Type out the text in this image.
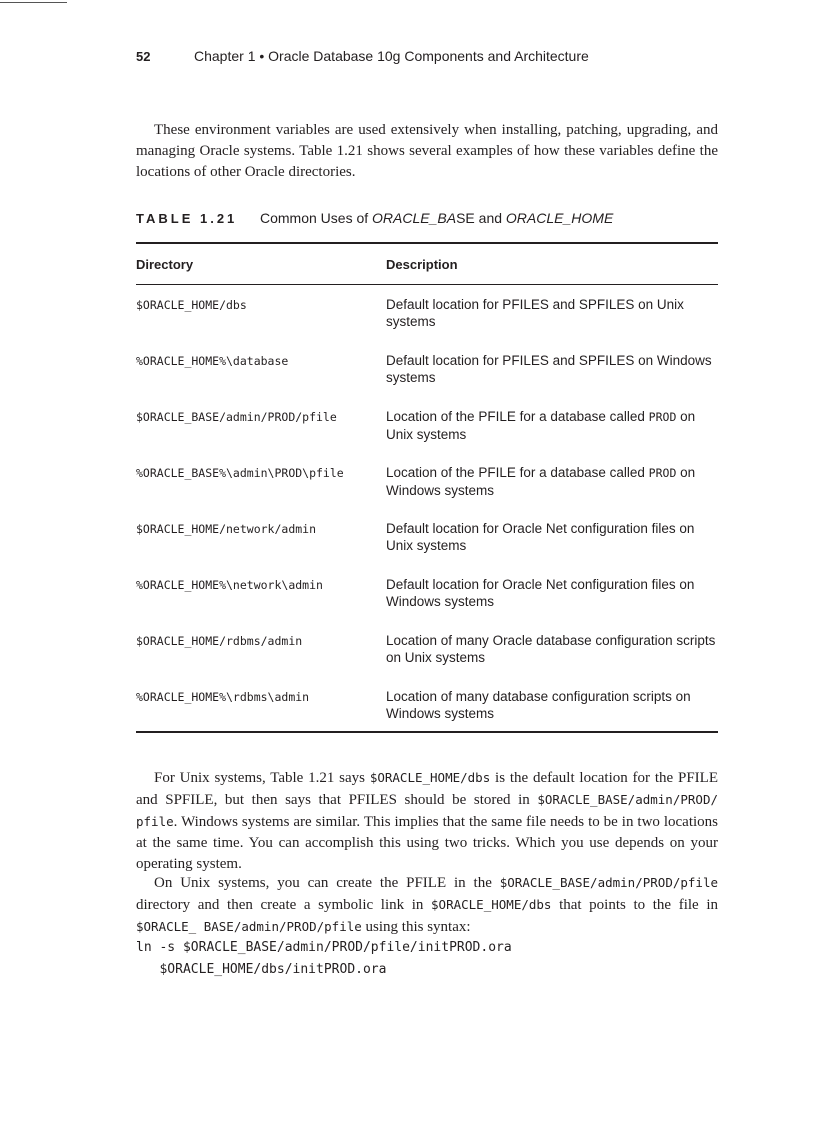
52	Chapter 1 • Oracle Database 10g Components and Architecture

These environment variables are used extensively when installing, patching, upgrading, and managing Oracle systems. Table 1.21 shows several examples of how these variables define the locations of other Oracle directories.

TABLE 1.21 Common Uses of ORACLE_BASE and ORACLE_HOME
Directory	Description
$ORACLE_HOME/dbs	Default location for PFILES and SPFILES on Unix systems
%ORACLE_HOME%\database	Default location for PFILES and SPFILES on Windows systems
$ORACLE_BASE/admin/PROD/pfile	Location of the PFILE for a database called PROD on Unix systems
%ORACLE_BASE%\admin\PROD\pfile	Location of the PFILE for a database called PROD on Windows systems
$ORACLE_HOME/network/admin	Default location for Oracle Net configuration files on Unix systems
%ORACLE_HOME%\network\admin	Default location for Oracle Net configuration files on Windows systems
$ORACLE_HOME/rdbms/admin	Location of many Oracle database configuration scripts on Unix systems
%ORACLE_HOME%\rdbms\admin	Location of many database configuration scripts on Windows systems

For Unix systems, Table 1.21 says $ORACLE_HOME/dbs is the default location for the PFILE and SPFILE, but then says that PFILES should be stored in $ORACLE_BASE/admin/PROD/ pfile. Windows systems are similar. This implies that the same file needs to be in two locations at the same time. You can accomplish this using two tricks. Which you use depends on your operating system.

On Unix systems, you can create the PFILE in the $ORACLE_BASE/admin/PROD/pfile directory and then create a symbolic link in $ORACLE_HOME/dbs that points to the file in $ORACLE_ BASE/admin/PROD/pfile using this syntax:

ln -s $ORACLE_BASE/admin/PROD/pfile/initPROD.ora
$ORACLE_HOME/dbs/initPROD.ora
